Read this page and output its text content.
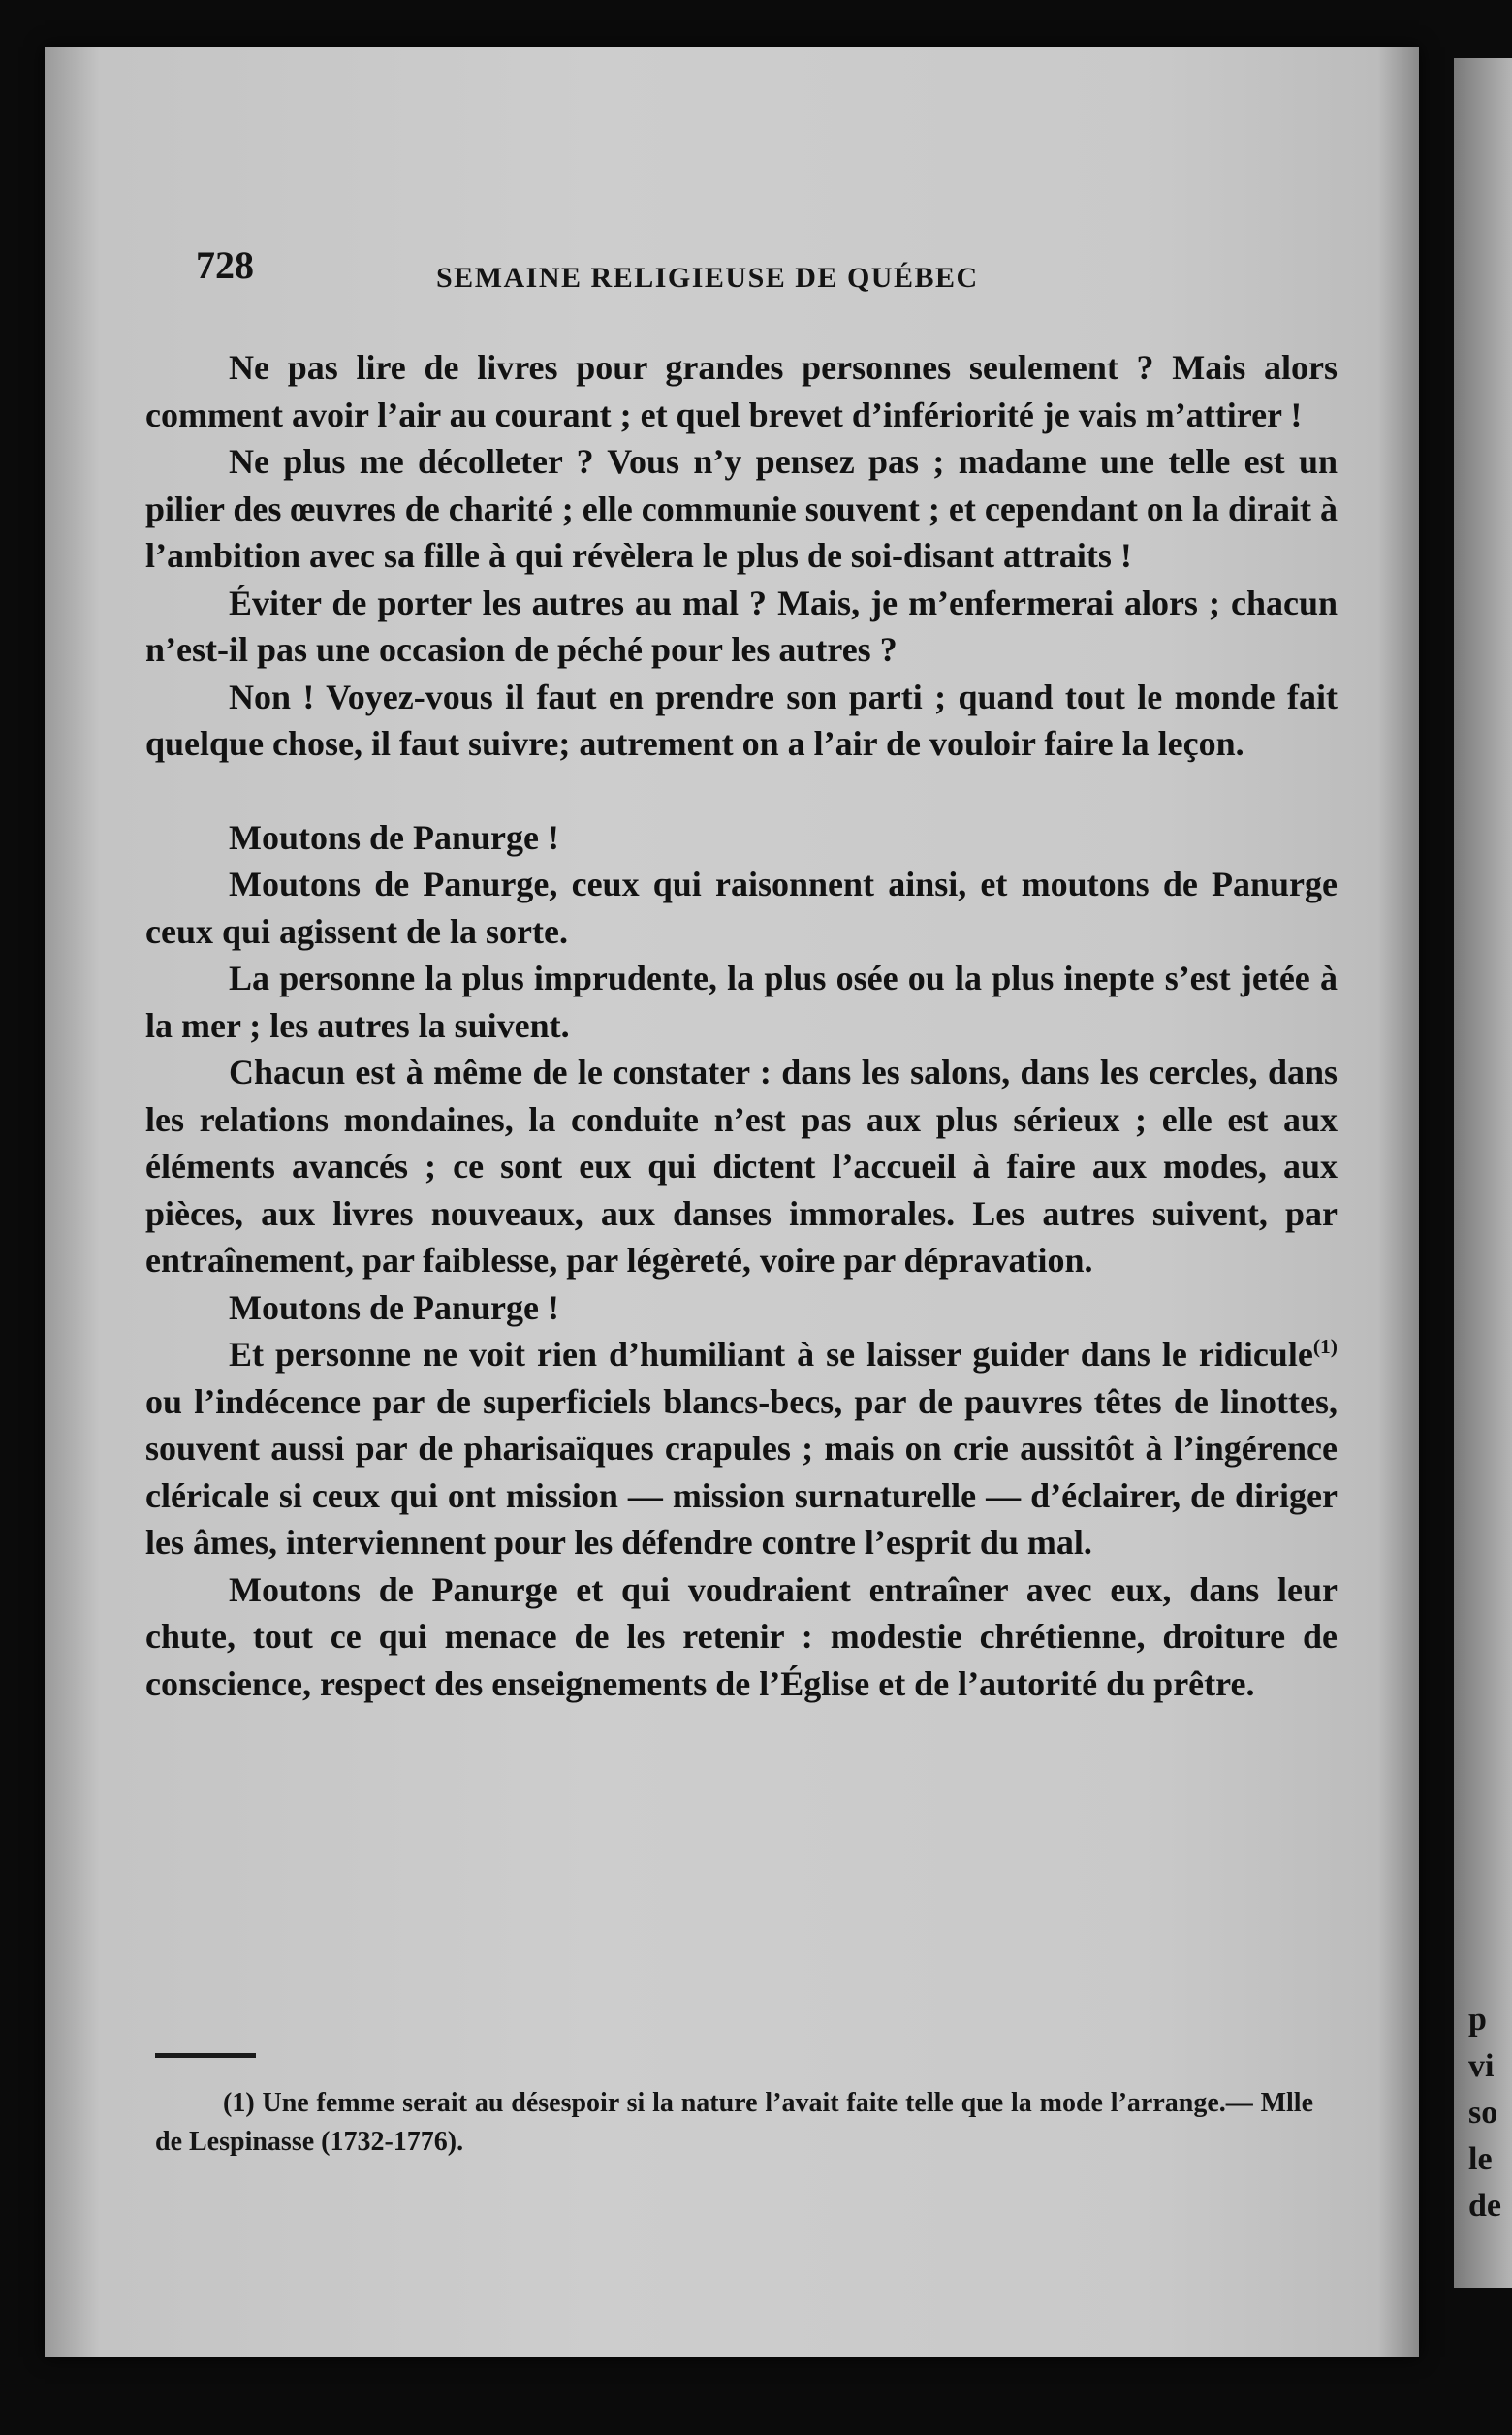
728	SEMAINE RELIGIEUSE DE QUÉBEC

Ne pas lire de livres pour grandes personnes seulement ? Mais alors comment avoir l’air au courant ; et quel brevet d’infériorité je vais m’attirer !

Ne plus me décolleter ? Vous n’y pensez pas ; madame une telle est un pilier des œuvres de charité ; elle communie souvent ; et cependant on la dirait à l’ambition avec sa fille à qui révèlera le plus de soi-disant attraits !

Éviter de porter les autres au mal ? Mais, je m’enfermerai alors ; chacun n’est-il pas une occasion de péché pour les autres ?

Non ! Voyez-vous il faut en prendre son parti ; quand tout le monde fait quelque chose, il faut suivre; autrement on a l’air de vouloir faire la leçon.

Moutons de Panurge !

Moutons de Panurge, ceux qui raisonnent ainsi, et moutons de Panurge ceux qui agissent de la sorte.

La personne la plus imprudente, la plus osée ou la plus inepte s’est jetée à la mer ; les autres la suivent.

Chacun est à même de le constater : dans les salons, dans les cercles, dans les relations mondaines, la conduite n’est pas aux plus sérieux ; elle est aux éléments avancés ; ce sont eux qui dictent l’accueil à faire aux modes, aux pièces, aux livres nouveaux, aux danses immorales. Les autres suivent, par entraînement, par faiblesse, par légèreté, voire par dépravation.

Moutons de Panurge !

Et personne ne voit rien d’humiliant à se laisser guider dans le ridicule$^{(1)}$ ou l’indécence par de superficiels blancs-becs, par de pauvres têtes de linottes, souvent aussi par de pharisaïques crapules ; mais on crie aussitôt à l’ingérence cléricale si ceux qui ont mission — mission surnaturelle — d’éclairer, de diriger les âmes, interviennent pour les défendre contre l’esprit du mal.

Moutons de Panurge et qui voudraient entraîner avec eux, dans leur chute, tout ce qui menace de les retenir : modestie chrétienne, droiture de conscience, respect des enseignements de l’Église et de l’autorité du prêtre.

(1) Une femme serait au désespoir si la nature l’avait faite telle que la mode l’arrange.— Mlle de Lespinasse (1732-1776).
p
vi
so
le
de
